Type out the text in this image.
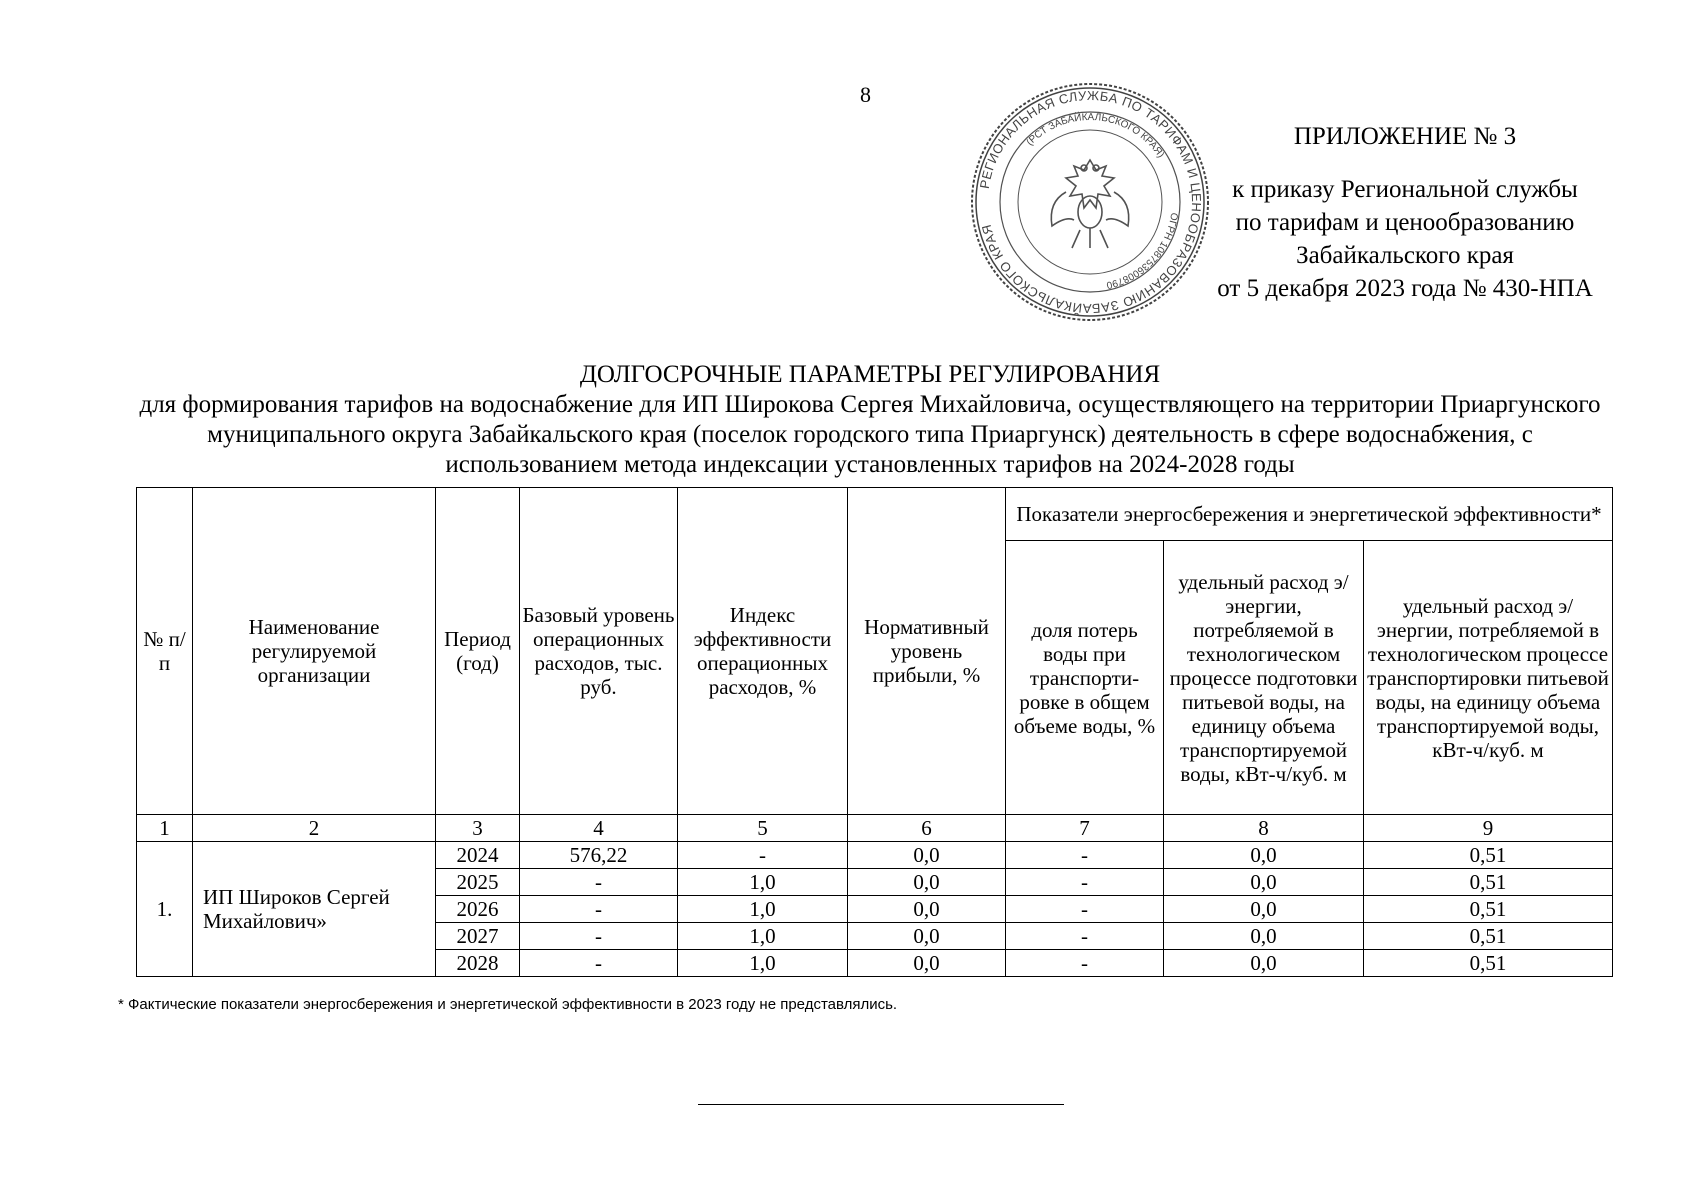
8
РЕГИОНАЛЬНАЯ СЛУЖБА ПО ТАРИФАМ И ЦЕНООБРАЗОВАНИЮ ЗАБАЙКАЛЬСКОГО КРАЯ
(РСТ ЗАБАЙКАЛЬСКОГО КРАЯ)
ОГРН 1087536008790
ПРИЛОЖЕНИЕ № 3
к приказу Региональной службы
по тарифам и ценообразованию
Забайкальского края
от 5 декабря 2023 года № 430-НПА
ДОЛГОСРОЧНЫЕ ПАРАМЕТРЫ РЕГУЛИРОВАНИЯ
для формирования тарифов на водоснабжение для ИП Широкова Сергея Михайловича, осуществляющего на территории Приаргунского муниципального округа Забайкальского края (поселок городского типа Приаргунск) деятельность в сфере водоснабжения, с использованием метода индексации установленных тарифов на 2024-2028 годы
№ п/п	Наименование регулируемой организации	Период (год)	Базовый уровень операционных расходов, тыс. руб.	Индекс эффективности операционных расходов, %	Нормативный уровень прибыли, %	Показатели энергосбережения и энергетической эффективности*		
						доля потерь воды при транспорти-ровке в общем объеме воды, %	удельный расход э/энергии, потребляемой в технологическом процессе подготовки питьевой воды, на единицу объема транспортируемой воды, кВт-ч/куб. м	удельный расход э/энергии, потребляемой в технологическом процессе транспортировки питьевой воды, на единицу объема транспортируемой воды, кВт-ч/куб. м
1	2	3	4	5	6	7	8	9
1.	ИП Широков Сергей Михайлович»	2024	576,22	-	0,0	-	0,0	0,51
		2025	-	1,0	0,0	-	0,0	0,51
		2026	-	1,0	0,0	-	0,0	0,51
		2027	-	1,0	0,0	-	0,0	0,51
		2028	-	1,0	0,0	-	0,0	0,51
* Фактические показатели энергосбережения и энергетической эффективности в 2023 году не представлялись.
